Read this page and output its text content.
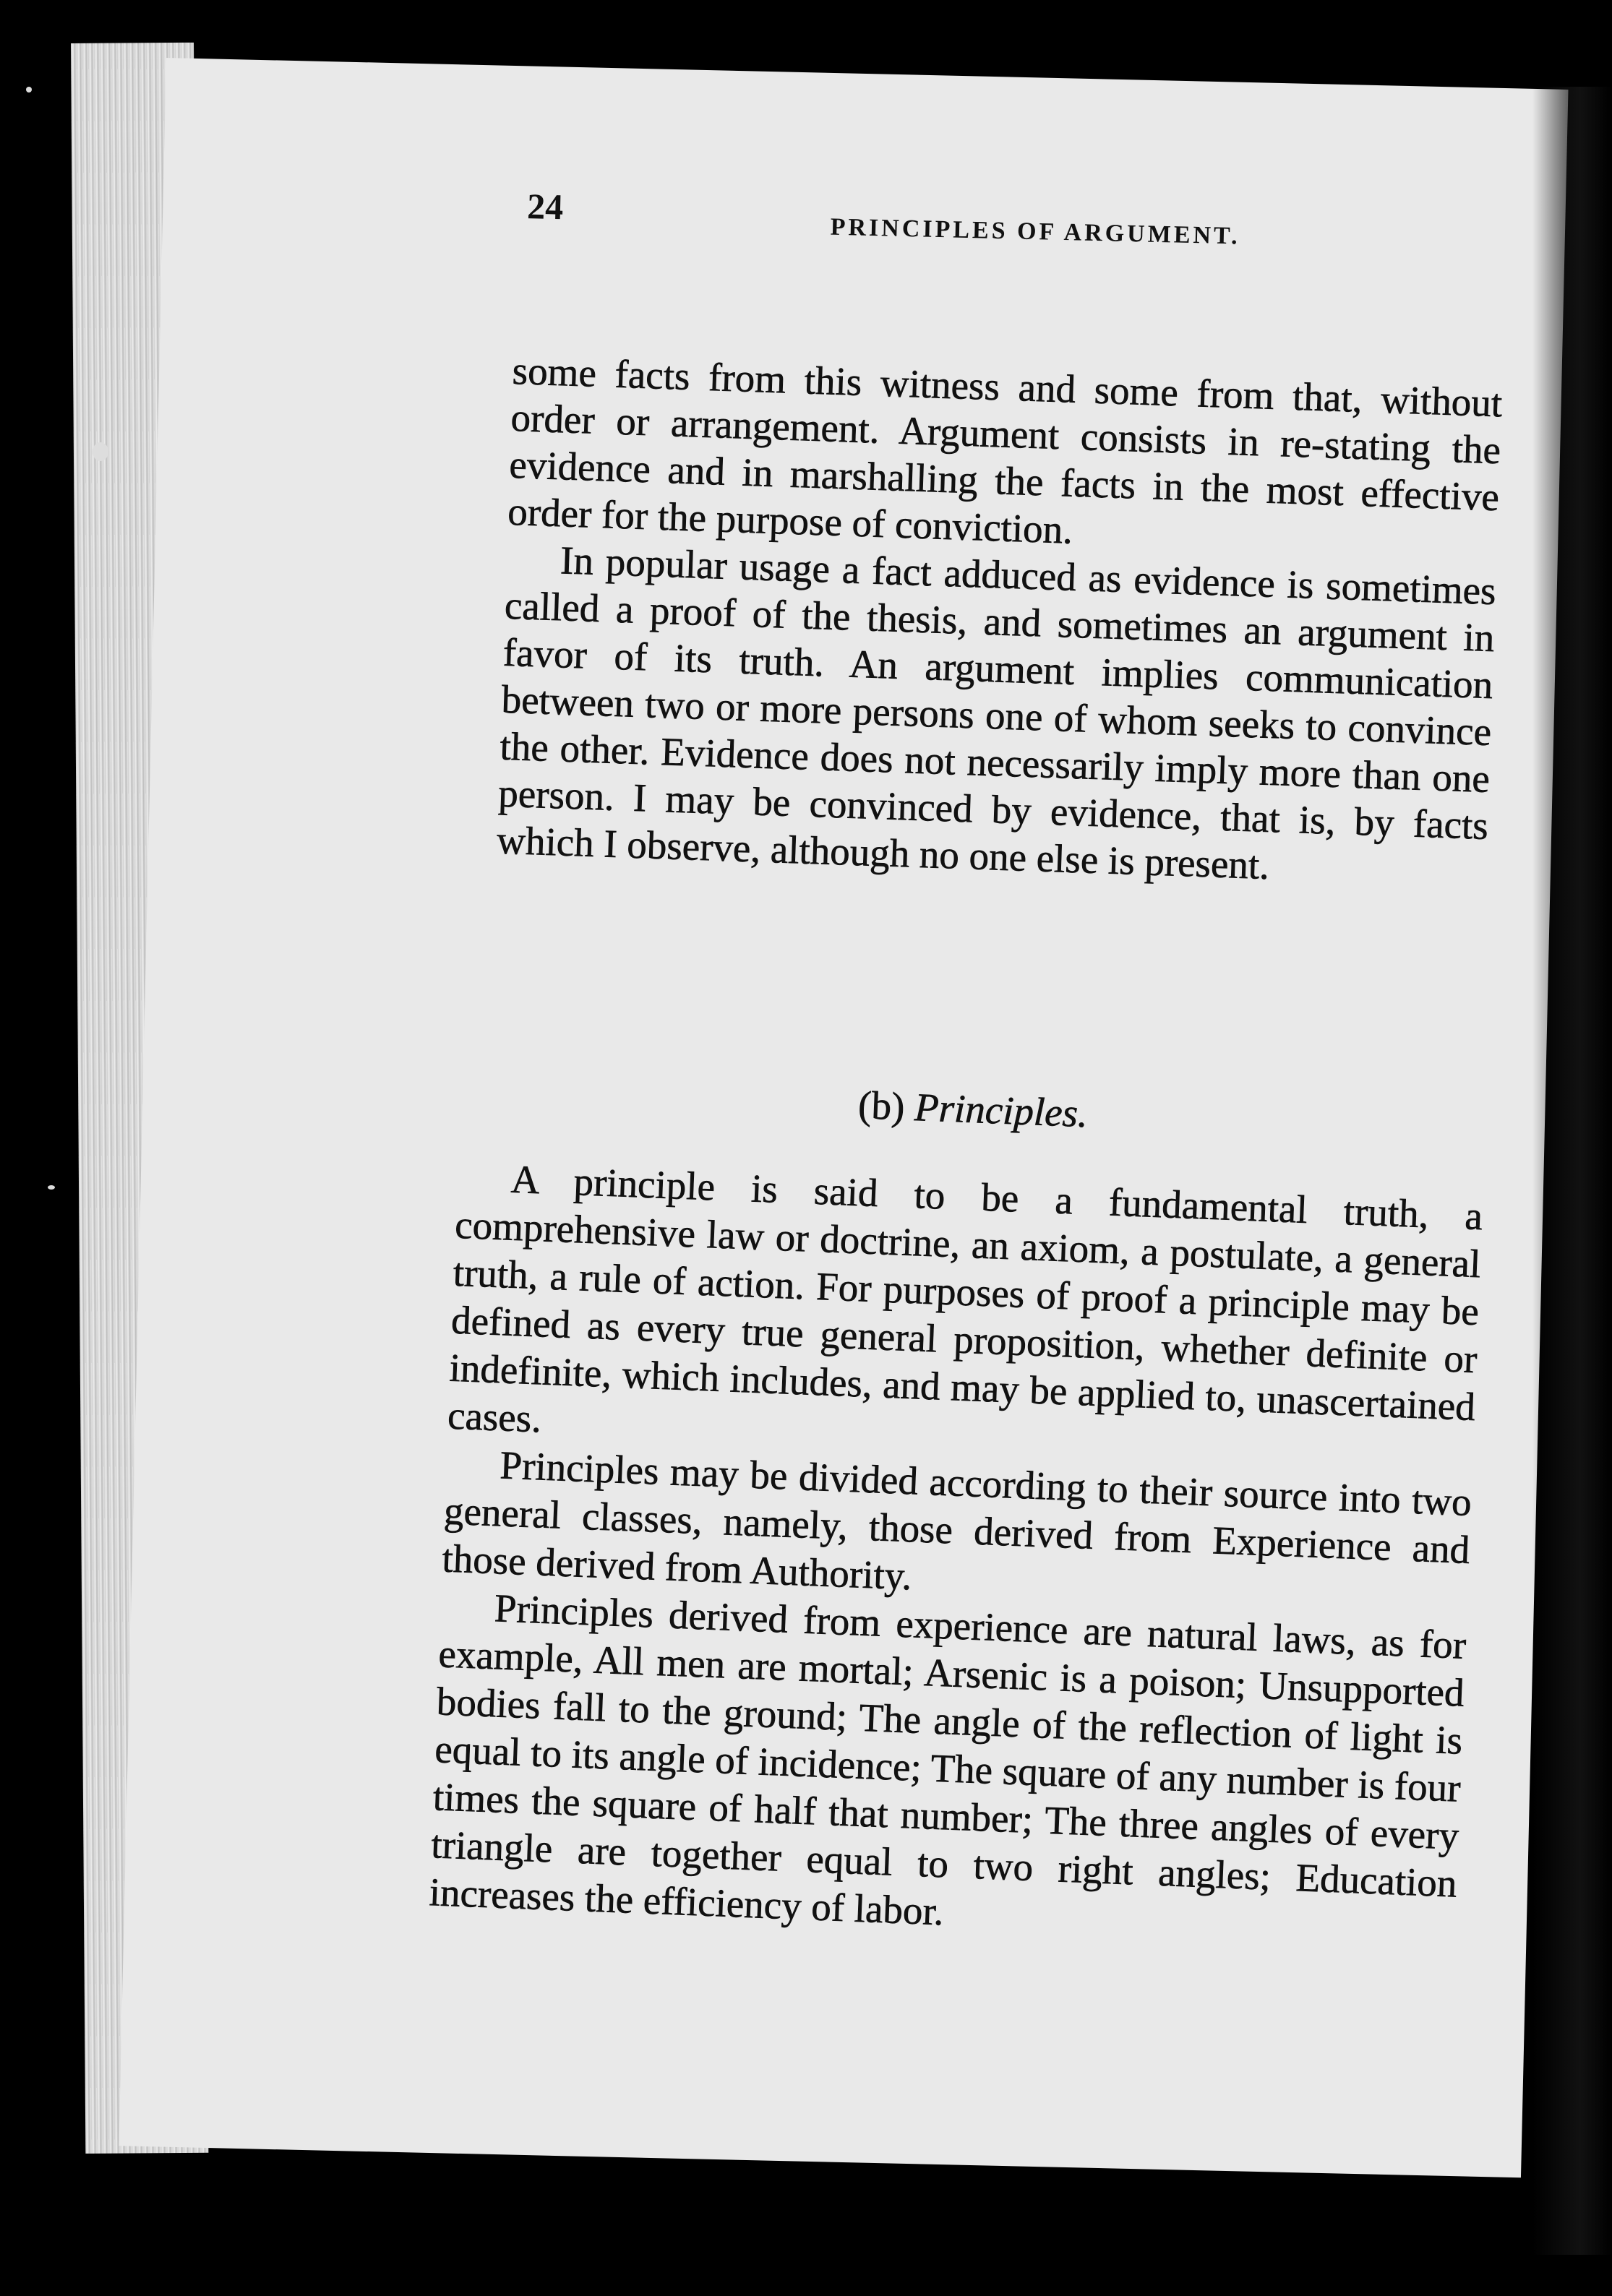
24
PRINCIPLES OF ARGUMENT.

some facts from this witness and some from that, without order or arrangement. Argument consists in re-stating the evidence and in marshalling the facts in the most effective order for the purpose of conviction.

In popular usage a fact adduced as evidence is sometimes called a proof of the thesis, and sometimes an argument in favor of its truth. An argument implies communication between two or more persons one of whom seeks to convince the other. Evidence does not necessarily imply more than one person. I may be convinced by evidence, that is, by facts which I observe, although no one else is present.

(b) Principles.

A principle is said to be a fundamental truth, a comprehensive law or doctrine, an axiom, a postulate, a general truth, a rule of action. For purposes of proof a principle may be defined as every true general proposition, whether definite or indefinite, which includes, and may be applied to, unascertained cases.

Principles may be divided according to their source into two general classes, namely, those derived from Experience and those derived from Authority.

Principles derived from experience are natural laws, as for example, All men are mortal; Arsenic is a poison; Unsupported bodies fall to the ground; The angle of the reflection of light is equal to its angle of incidence; The square of any number is four times the square of half that number; The three angles of every triangle are together equal to two right angles; Education increases the efficiency of labor.
